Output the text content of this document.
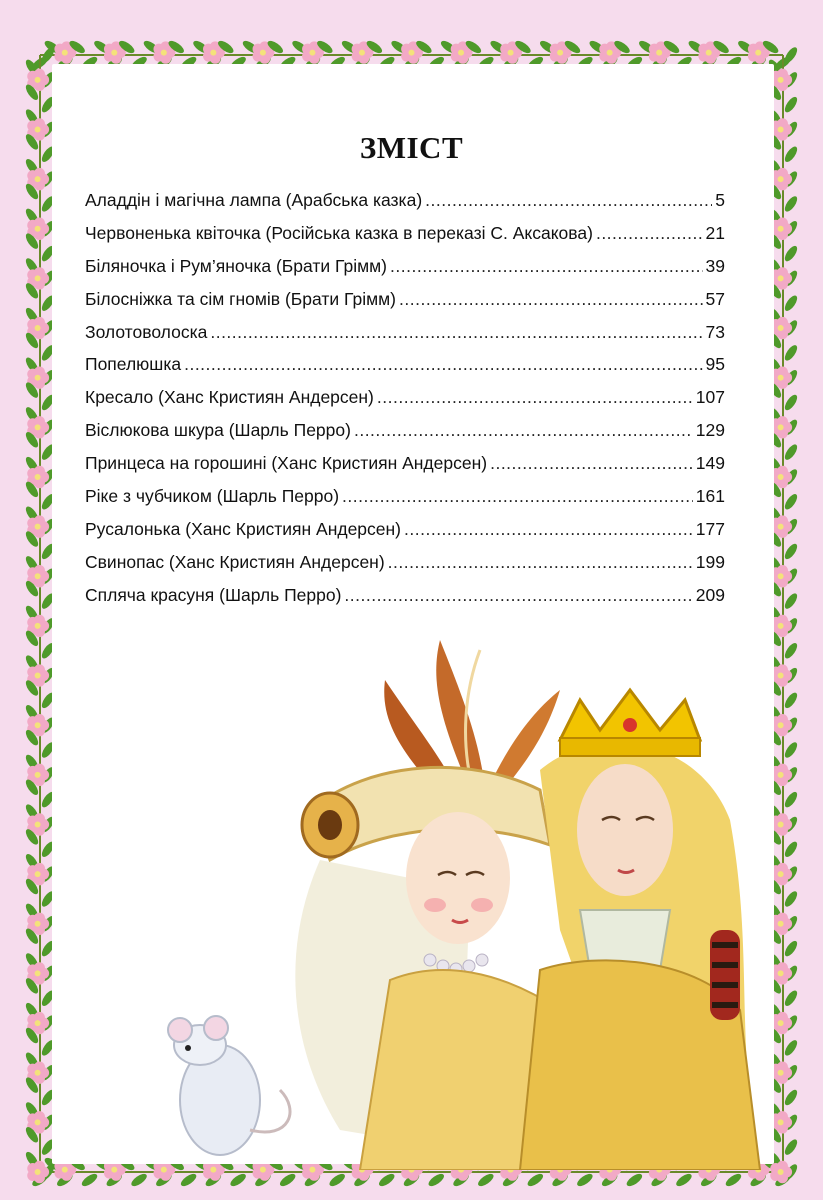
ЗМІСТ
Аладдін і магічна лампа (Арабська казка) .....	5
Червоненька квіточка (Російська казка в переказі С. Аксакова) .....	21
Біляночка і Рум’яночка (Брати Грімм) .....	39
Білосніжка та сім гномів (Брати Грімм) .....	57
Золотоволоска .....	73
Попелюшка .....	95
Кресало (Ханс Кристиян Андерсен) .....	107
Віслюкова шкура (Шарль Перро) .....	129
Принцеса на горошині (Ханс Кристиян Андерсен) .....	149
Ріке з чубчиком (Шарль Перро) .....	161
Русалонька (Ханс Кристиян Андерсен) .....	177
Свинопас (Ханс Кристиян Андерсен) .....	199
Спляча красуня (Шарль Перро) .....	209
